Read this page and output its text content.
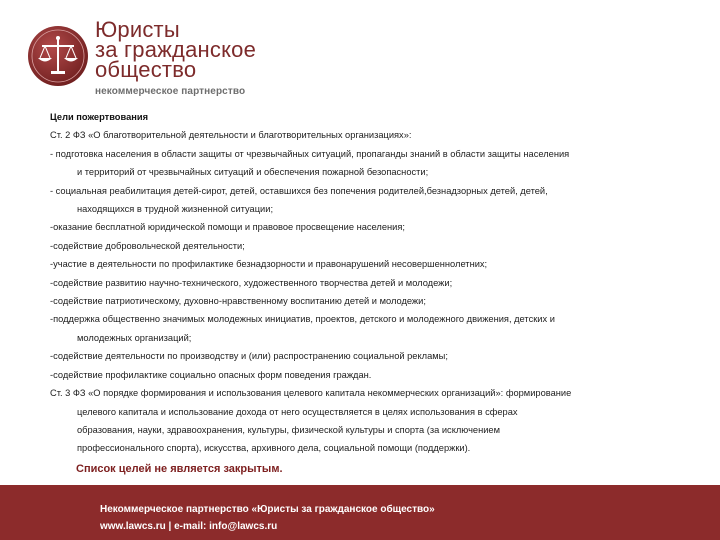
Юристы
за гражданское
общество
некоммерческое партнерство

Цели пожертвования

Ст. 2 ФЗ «О благотворительной деятельности и благотворительных организациях»:

- подготовка населения в области защиты от чрезвычайных ситуаций, пропаганды знаний в области защиты населения

и территорий от чрезвычайных ситуаций и обеспечения пожарной безопасности;

- социальная реабилитация детей-сирот, детей, оставшихся без попечения родителей,безнадзорных детей, детей,

находящихся в трудной жизненной ситуации;

-оказание бесплатной юридической помощи и правовое просвещение населения;

-содействие добровольческой деятельности;

-участие в деятельности по профилактике безнадзорности и правонарушений несовершеннолетних;

-содействие развитию научно-технического, художественного творчества детей и молодежи;

-содействие патриотическому, духовно-нравственному воспитанию детей и молодежи;

-поддержка общественно значимых молодежных инициатив, проектов, детского и молодежного движения, детских и

молодежных организаций;

-содействие деятельности по производству и (или) распространению социальной рекламы;

-содействие профилактике социально опасных форм поведения граждан.

Ст. 3 ФЗ «О порядке формирования и использования целевого капитала некоммерческих организаций»: формирование

целевого капитала и использование дохода от него осуществляется в целях использования в сферах

образования, науки, здравоохранения, культуры, физической культуры и спорта (за исключением

профессионального спорта), искусства, архивного дела, социальной помощи (поддержки).

Список целей не является закрытым.

Некоммерческое партнерство «Юристы за гражданское общество»
www.lawcs.ru | e-mail: info@lawcs.ru
